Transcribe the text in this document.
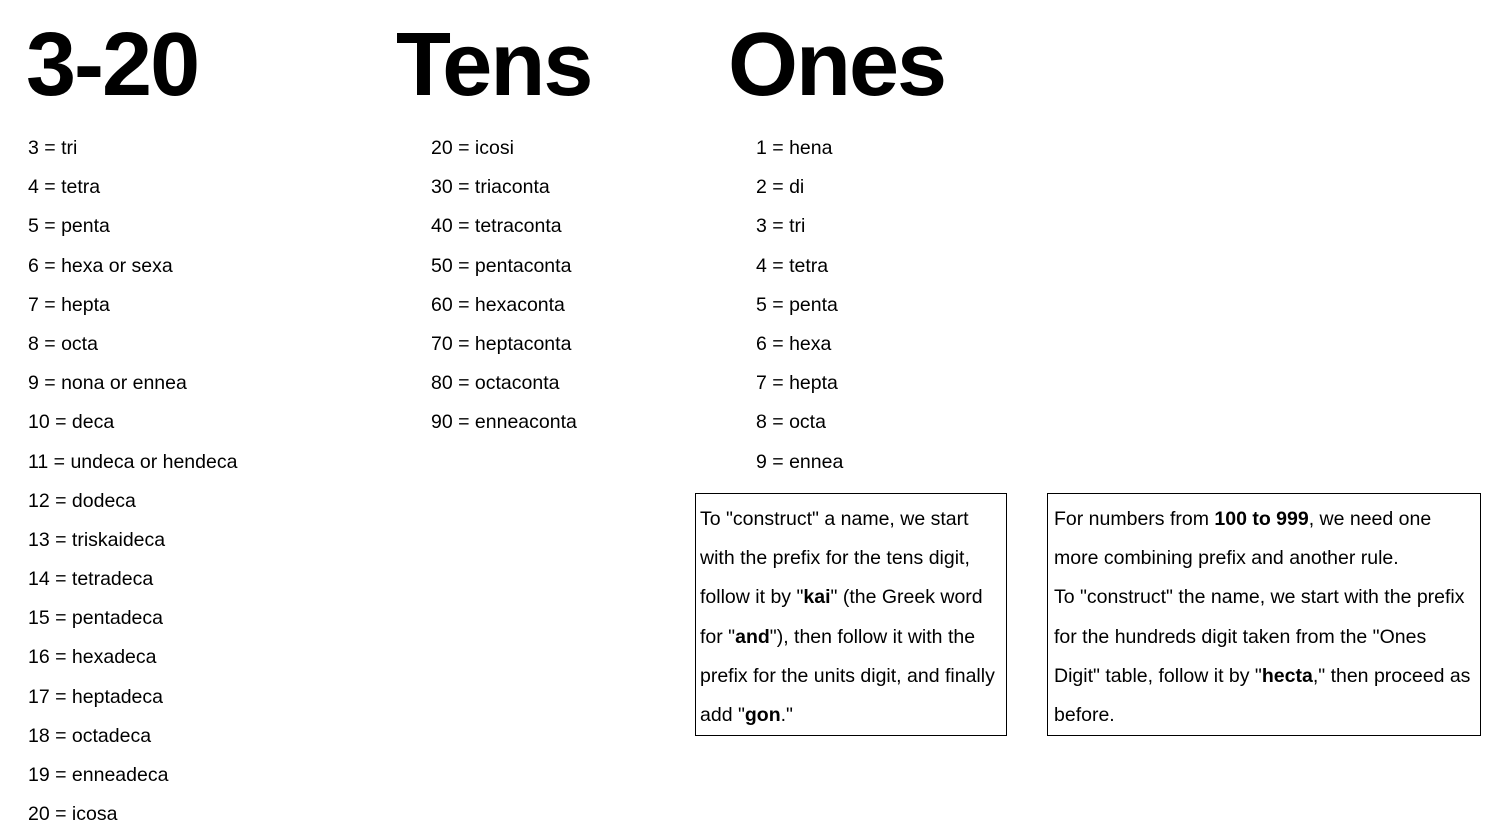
3-20 Tens Ones
3 = tri
4 = tetra
5 = penta
6 = hexa or sexa
7 = hepta
8 = octa
9 = nona or ennea
10 = deca
11 = undeca or hendeca
12 = dodeca
13 = triskaideca
14 = tetradeca
15 = pentadeca
16 = hexadeca
17 = heptadeca
18 = octadeca
19 = enneadeca
20 = icosa
20 = icosi
30 = triaconta
40 = tetraconta
50 = pentaconta
60 = hexaconta
70 = heptaconta
80 = octaconta
90 = enneaconta
1 = hena
2 = di
3 = tri
4 = tetra
5 = penta
6 = hexa
7 = hepta
8 = octa
9 = ennea
To "construct" a name, we start with the prefix for the tens digit, follow it by "kai" (the Greek word for "and"), then follow it with the prefix for the units digit, and finally add "gon."
For numbers from 100 to 999, we need one more combining prefix and another rule.
To "construct" the name, we start with the prefix for the hundreds digit taken from the "Ones Digit" table, follow it by "hecta," then proceed as before.
